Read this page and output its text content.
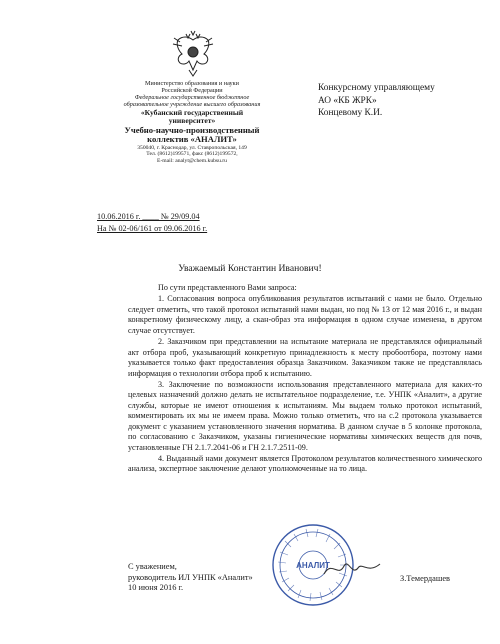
Министерство образования и науки
Российской Федерации
Федеральное государственное бюджетное
образовательное учреждение высшего образования
«Кубанский государственный
университет»
Учебно-научно-производственный
коллектив «АНАЛИТ»
350040, г. Краснодар, ул. Ставропольская, 149
Тел. (8612)199571, факс (8612)199572,
E-mail: analyt@chem.kubsu.ru
Конкурсному управляющему
АО «КБ ЖРК»
Концевому К.И.
10.06.2016 г. ____ № 29/09.04
На № 02-06/161 от 09.06.2016 г.
Уважаемый Константин Иванович!

По сути представленного Вами запроса:

1. Согласования вопроса опубликования результатов испытаний с нами не было. Отдельно следует отметить, что такой протокол испытаний нами выдан, но под № 13 от 12 мая 2016 г., и выдан конкретному физическому лицу, а скан-образ эта информация в одном случае изменена, в другом случае отсутствует.

2. Заказчиком при представлении на испытание материала не представлялся официальный акт отбора проб, указывающий конкретную принадлежность к месту пробоотбора, поэтому нами указывается только факт предоставления образца Заказчиком. Заказчиком также не представлялась информация о технологии отбора проб к испытанию.

3. Заключение по возможности использования представленного материала для каких-то целевых назначений должно делать не испытательное подразделение, т.е. УНПК «Аналит», а другие службы, которые не имеют отношения к испытаниям. Мы выдаем только протокол испытаний, комментировать их мы не имеем права. Можно только отметить, что на с.2 протокола указывается документ с указанием установленного значения норматива. В данном случае в 5 колонке протокола, по согласованию с Заказчиком, указаны гигиенические нормативы химических веществ для почв, установленные ГН 2.1.7.2041-06 и ГН 2.1.7.2511-09.

4. Выданный нами документ является Протоколом результатов количественного химического анализа, экспертное заключение делают уполномоченные на то лица.

АНАЛИТ
С уважением,
руководитель ИЛ УНПК «Аналит»
10 июня 2016 г.
З.Темердашев
